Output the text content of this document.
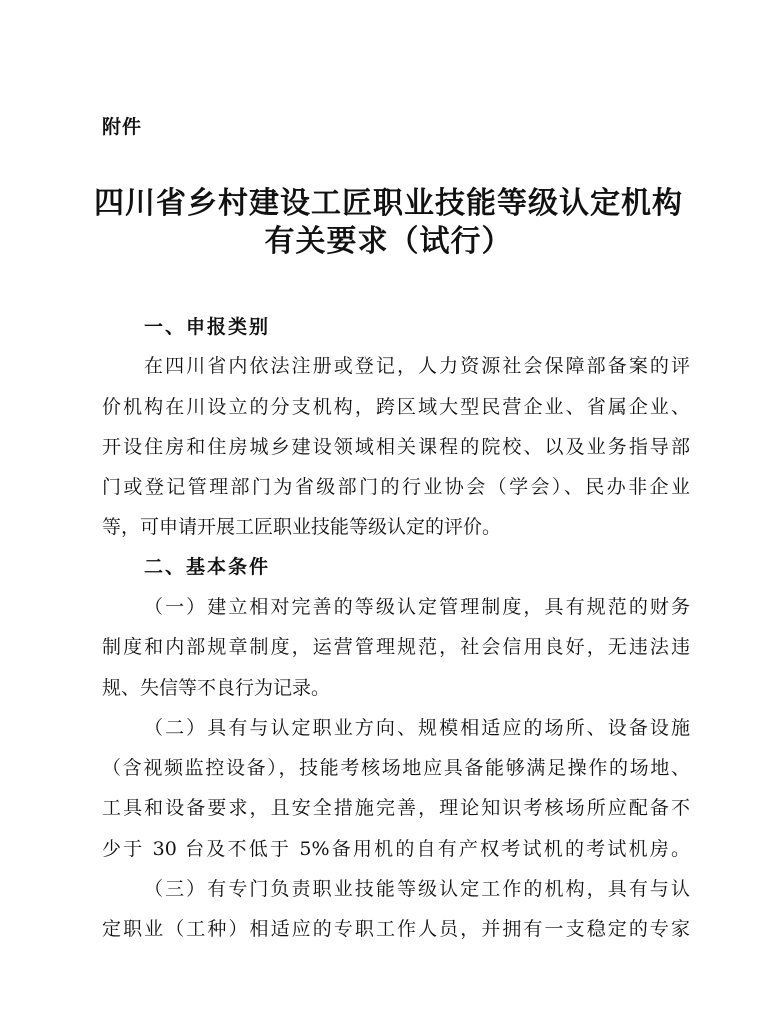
附件
四川省乡村建设工匠职业技能等级认定机构
有关要求（试行）
一、申报类别
在四川省内依法注册或登记，人力资源社会保障部备案的评
价机构在川设立的分支机构，跨区域大型民营企业、省属企业、
开设住房和住房城乡建设领域相关课程的院校、以及业务指导部
门或登记管理部门为省级部门的行业协会（学会）、民办非企业
等，可申请开展工匠职业技能等级认定的评价。
二、基本条件
（一）建立相对完善的等级认定管理制度，具有规范的财务
制度和内部规章制度，运营管理规范，社会信用良好，无违法违
规、失信等不良行为记录。
（二）具有与认定职业方向、规模相适应的场所、设备设施
（含视频监控设备），技能考核场地应具备能够满足操作的场地、
工具和设备要求，且安全措施完善，理论知识考核场所应配备不
少于 30 台及不低于 5%备用机的自有产权考试机的考试机房。
（三）有专门负责职业技能等级认定工作的机构，具有与认
定职业（工种）相适应的专职工作人员，并拥有一支稳定的专家
